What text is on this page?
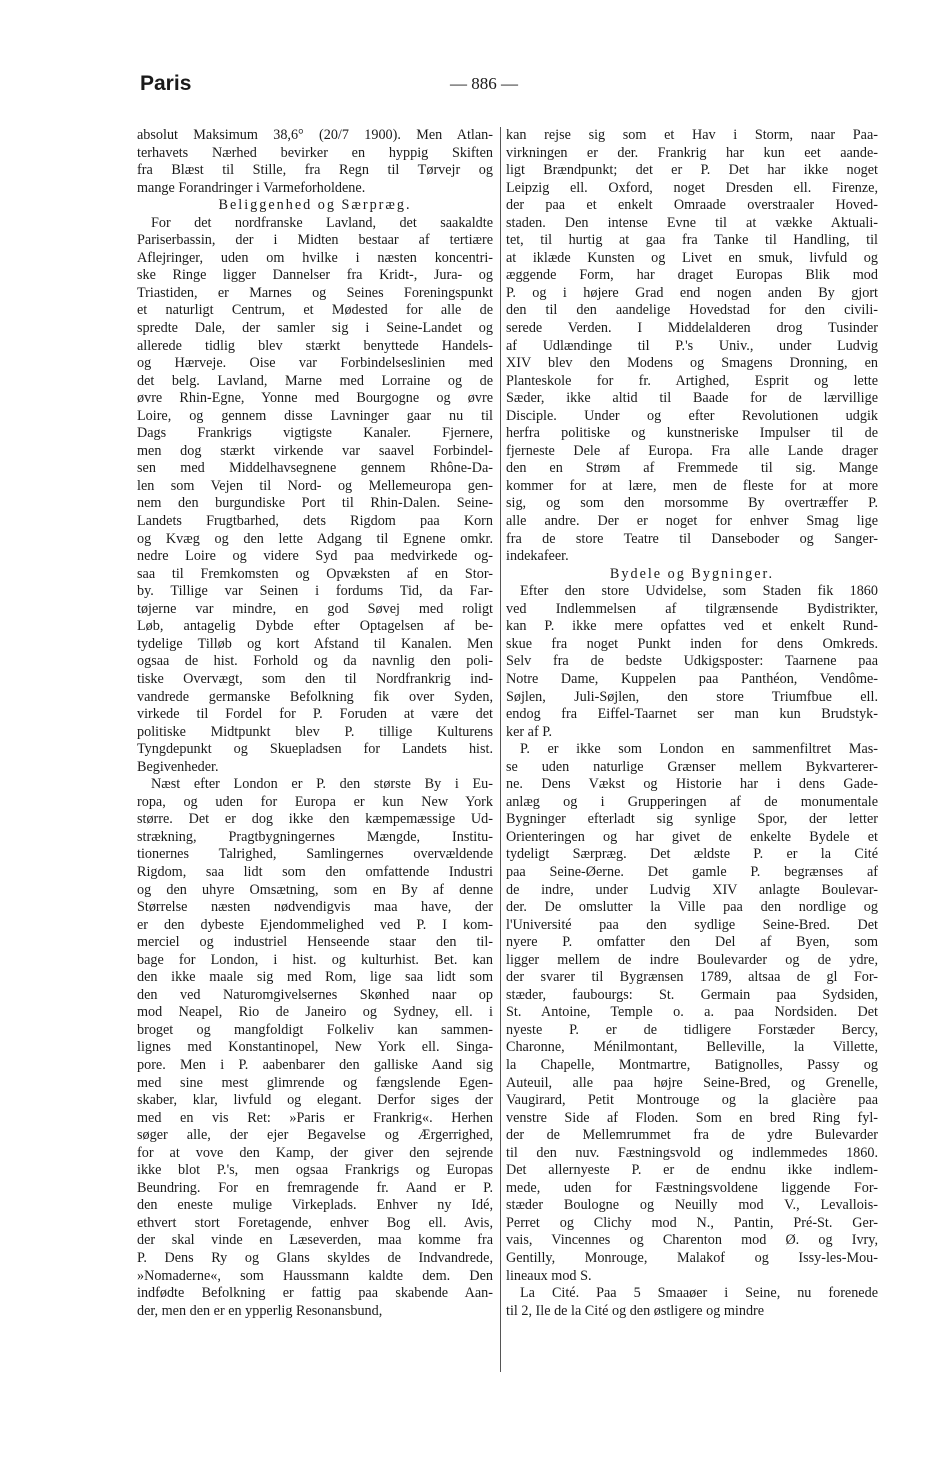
Paris	— 886 —
absolut Maksimum 38,6° (20/7 1900). Men Atlan-
terhavets Nærhed bevirker en hyppig Skiften
fra Blæst til Stille, fra Regn til Tørvejr og
mange Forandringer i Varmeforholdene.
Beliggenhed og Særpræg.
For det nordfranske Lavland, det saakaldte
Pariserbassin, der i Midten bestaar af tertiære
Aflejringer, uden om hvilke i næsten koncentri-
ske Ringe ligger Dannelser fra Kridt-, Jura- og
Triastiden, er Marnes og Seines Foreningspunkt
et naturligt Centrum, et Mødested for alle de
spredte Dale, der samler sig i Seine-Landet og
allerede tidlig blev stærkt benyttede Handels-
og Hærveje. Oise var Forbindelseslinien med
det belg. Lavland, Marne med Lorraine og de
øvre Rhin-Egne, Yonne med Bourgogne og øvre
Loire, og gennem disse Lavninger gaar nu til
Dags Frankrigs vigtigste Kanaler. Fjernere,
men dog stærkt virkende var saavel Forbindel-
sen med Middelhavsegnene gennem Rhône-Da-
len som Vejen til Nord- og Mellemeuropa gen-
nem den burgundiske Port til Rhin-Dalen. Seine-
Landets Frugtbarhed, dets Rigdom paa Korn
og Kvæg og den lette Adgang til Egnene omkr.
nedre Loire og videre Syd paa medvirkede og-
saa til Fremkomsten og Opvæksten af en Stor-
by. Tillige var Seinen i fordums Tid, da Far-
tøjerne var mindre, en god Søvej med roligt
Løb, antagelig Dybde efter Optagelsen af be-
tydelige Tilløb og kort Afstand til Kanalen. Men
ogsaa de hist. Forhold og da navnlig den poli-
tiske Overvægt, som den til Nordfrankrig ind-
vandrede germanske Befolkning fik over Syden,
virkede til Fordel for P. Foruden at være det
politiske Midtpunkt blev P. tillige Kulturens
Tyngdepunkt og Skuepladsen for Landets hist.
Begivenheder.
Næst efter London er P. den største By i Eu-
ropa, og uden for Europa er kun New York
større. Det er dog ikke den kæmpemæssige Ud-
strækning, Pragtbygningernes Mængde, Institu-
tionernes Talrighed, Samlingernes overvældende
Rigdom, saa lidt som den omfattende Industri
og den uhyre Omsætning, som en By af denne
Størrelse næsten nødvendigvis maa have, der
er den dybeste Ejendommelighed ved P. I kom-
merciel og industriel Henseende staar den til-
bage for London, i hist. og kulturhist. Bet. kan
den ikke maale sig med Rom, lige saa lidt som
den ved Naturomgivelsernes Skønhed naar op
mod Neapel, Rio de Janeiro og Sydney, ell. i
broget og mangfoldigt Folkeliv kan sammen-
lignes med Konstantinopel, New York ell. Singa-
pore. Men i P. aabenbarer den galliske Aand sig
med sine mest glimrende og fængslende Egen-
skaber, klar, livfuld og elegant. Derfor siges der
med en vis Ret: »Paris er Frankrig«. Herhen
søger alle, der ejer Begavelse og Ærgerrighed,
for at vove den Kamp, der giver den sejrende
ikke blot P.'s, men ogsaa Frankrigs og Europas
Beundring. For en fremragende fr. Aand er P.
den eneste mulige Virkeplads. Enhver ny Idé,
ethvert stort Foretagende, enhver Bog ell. Avis,
der skal vinde en Læseverden, maa komme fra
P. Dens Ry og Glans skyldes de Indvandrede,
»Nomaderne«, som Haussmann kaldte dem. Den
indfødte Befolkning er fattig paa skabende Aan-
der, men den er en ypperlig Resonansbund,
kan rejse sig som et Hav i Storm, naar Paa-
virkningen er der. Frankrig har kun eet aande-
ligt Brændpunkt; det er P. Det har ikke noget
Leipzig ell. Oxford, noget Dresden ell. Firenze,
der paa et enkelt Omraade overstraaler Hoved-
staden. Den intense Evne til at vække Aktuali-
tet, til hurtig at gaa fra Tanke til Handling, til
at iklæde Kunsten og Livet en smuk, livfuld og
æggende Form, har draget Europas Blik mod
P. og i højere Grad end nogen anden By gjort
den til den aandelige Hovedstad for den civili-
serede Verden. I Middelalderen drog Tusinder
af Udlændinge til P.'s Univ., under Ludvig
XIV blev den Modens og Smagens Dronning, en
Planteskole for fr. Artighed, Esprit og lette
Sæder, ikke altid til Baade for de lærvillige
Disciple. Under og efter Revolutionen udgik
herfra politiske og kunstneriske Impulser til de
fjerneste Dele af Europa. Fra alle Lande drager
den en Strøm af Fremmede til sig. Mange
kommer for at lære, men de fleste for at more
sig, og som den morsomme By overtræffer P.
alle andre. Der er noget for enhver Smag lige
fra de store Teatre til Danseboder og Sanger-
indekafeer.
Bydele og Bygninger.
Efter den store Udvidelse, som Staden fik 1860
ved Indlemmelsen af tilgrænsende Bydistrikter,
kan P. ikke mere opfattes ved et enkelt Rund-
skue fra noget Punkt inden for dens Omkreds.
Selv fra de bedste Udkigsposter: Taarnene paa
Notre Dame, Kuppelen paa Panthéon, Vendôme-
Søjlen, Juli-Søjlen, den store Triumfbue ell.
endog fra Eiffel-Taarnet ser man kun Brudstyk-
ker af P.
P. er ikke som London en sammenfiltret Mas-
se uden naturlige Grænser mellem Bykvarterer-
ne. Dens Vækst og Historie har i dens Gade-
anlæg og i Grupperingen af de monumentale
Bygninger efterladt sig synlige Spor, der letter
Orienteringen og har givet de enkelte Bydele et
tydeligt Særpræg. Det ældste P. er la Cité
paa Seine-Øerne. Det gamle P. begrænses af
de indre, under Ludvig XIV anlagte Boulevar-
der. De omslutter la Ville paa den nordlige og
l'Université paa den sydlige Seine-Bred. Det
nyere P. omfatter den Del af Byen, som
ligger mellem de indre Boulevarder og de ydre,
der svarer til Bygrænsen 1789, altsaa de gl For-
stæder, faubourgs: St. Germain paa Sydsiden,
St. Antoine, Temple o. a. paa Nordsiden. Det
nyeste P. er de tidligere Forstæder Bercy,
Charonne, Ménilmontant, Belleville, la Villette,
la Chapelle, Montmartre, Batignolles, Passy og
Auteuil, alle paa højre Seine-Bred, og Grenelle,
Vaugirard, Petit Montrouge og la glacière paa
venstre Side af Floden. Som en bred Ring fyl-
der de Mellemrummet fra de ydre Bulevarder
til den nuv. Fæstningsvold og indlemmedes 1860.
Det allernyeste P. er de endnu ikke indlem-
mede, uden for Fæstningsvoldene liggende For-
stæder Boulogne og Neuilly mod V., Levallois-
Perret og Clichy mod N., Pantin, Pré-St. Ger-
vais, Vincennes og Charenton mod Ø. og Ivry,
Gentilly, Monrouge, Malakof og Issy-les-Mou-
lineaux mod S.
La Cité. Paa 5 Smaaøer i Seine, nu forenede
til 2, Ile de la Cité og den østligere og mindre
